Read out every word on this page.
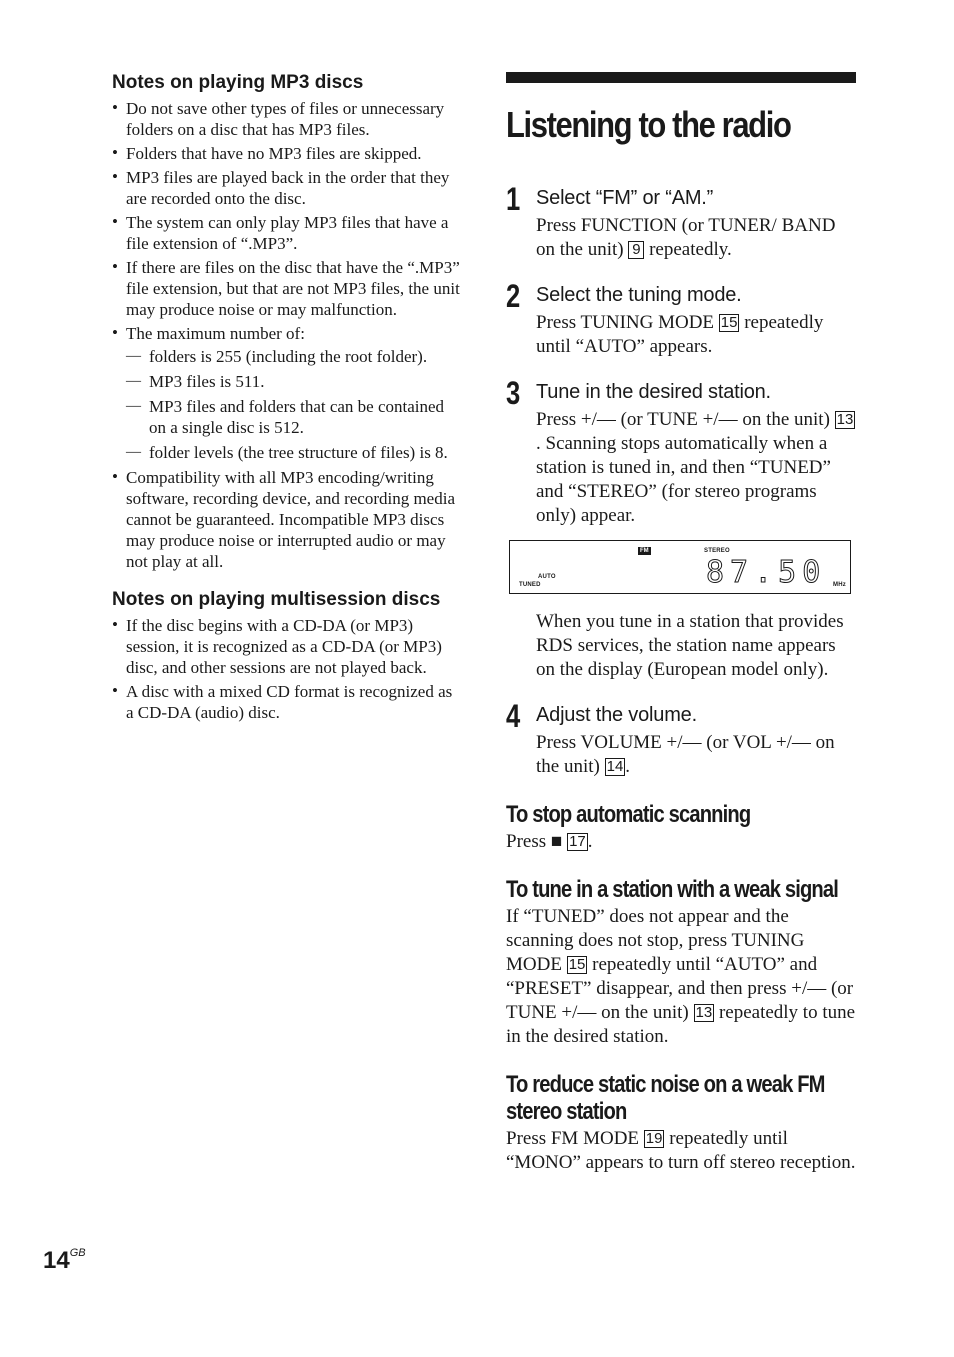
Notes on playing MP3 discs
• Do not save other types of files or unnecessary folders on a disc that has MP3 files.
• Folders that have no MP3 files are skipped.
• MP3 files are played back in the order that they are recorded onto the disc.
• The system can only play MP3 files that have a file extension of “.MP3”.
• If there are files on the disc that have the “.MP3” file extension, but that are not MP3 files, the unit may produce noise or may malfunction.
• The maximum number of:
— folders is 255 (including the root folder).
— MP3 files is 511.
— MP3 files and folders that can be contained on a single disc is 512.
— folder levels (the tree structure of files) is 8.
• Compatibility with all MP3 encoding/writing software, recording device, and recording media cannot be guaranteed. Incompatible MP3 discs may produce noise or interrupted audio or may not play at all.
Notes on playing multisession discs
• If the disc begins with a CD-DA (or MP3) session, it is recognized as a CD-DA (or MP3) disc, and other sessions are not played back.
• A disc with a mixed CD format is recognized as a CD-DA (audio) disc.
Listening to the radio
1 Select “FM” or “AM.”

Press FUNCTION (or TUNER/ BAND on the unit) 9 repeatedly.

2 Select the tuning mode.

Press TUNING MODE 15 repeatedly until “AUTO” appears.

3 Tune in the desired station.

Press +/— (or TUNE +/— on the unit) 13. Scanning stops automatically when a station is tuned in, and then “TUNED” and “STEREO” (for stereo programs only) appear.

FM	STEREO
AUTO
TUNED	87.50 MHz

When you tune in a station that provides RDS services, the station name appears on the display (European model only).

4 Adjust the volume.

Press VOLUME +/— (or VOL +/— on the unit) 14 .

To stop automatic scanning

Press ■ 17 .

To tune in a station with a weak signal

If “TUNED” does not appear and the scanning does not stop, press TUNING MODE 15 repeatedly until “AUTO” and “PRESET” disappear, and then press +/— (or TUNE +/— on the unit) 13 repeatedly to tune in the desired station.

To reduce static noise on a weak FM stereo station

Press FM MODE 19 repeatedly until “MONO” appears to turn off stereo reception.

$14^{GB}$
